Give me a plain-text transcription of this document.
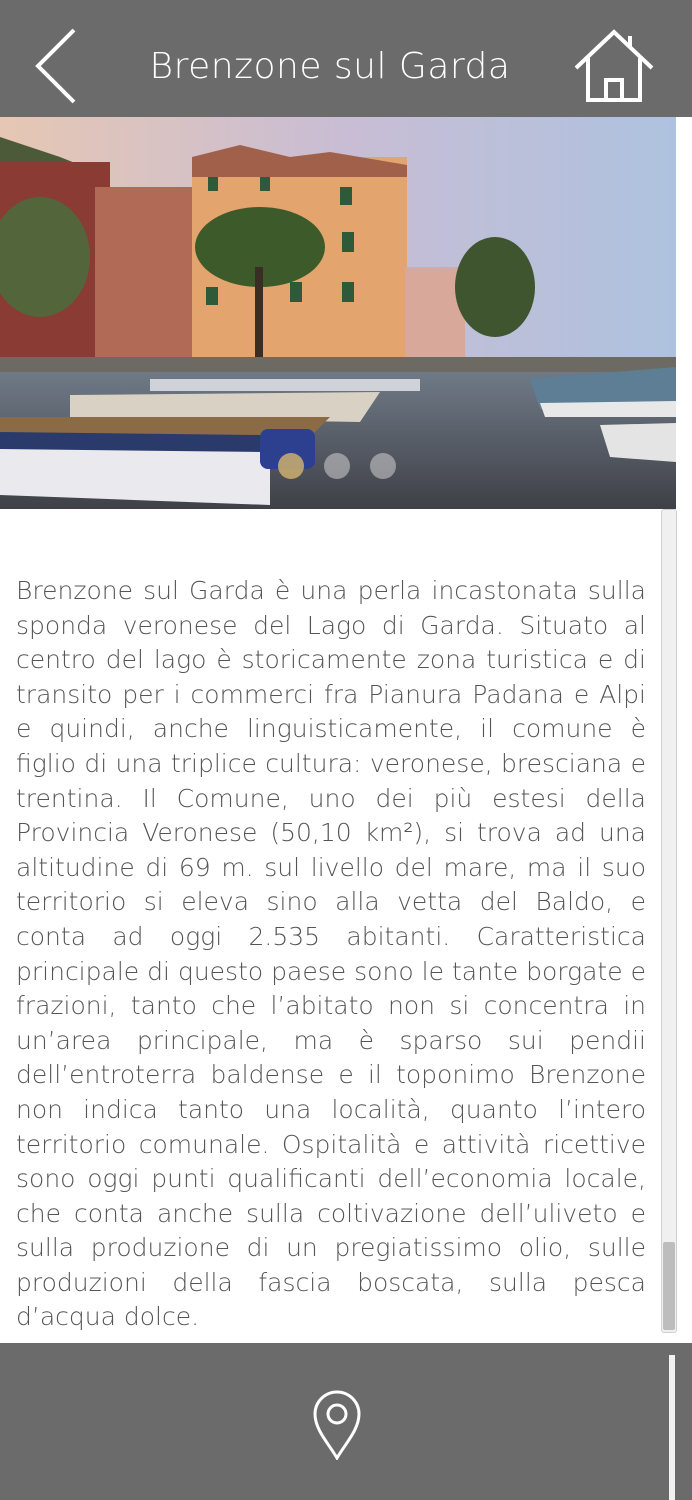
Brenzone sul Garda

Brenzone sul Garda è una perla incastonata sulla sponda veronese del Lago di Garda. Situato al centro del lago è storicamente zona turistica e di transito per i commerci fra Pianura Padana e Alpi e quindi, anche linguisticamente, il comune è figlio di una triplice cultura: veronese, bresciana e trentina. Il Comune, uno dei più estesi della Provincia Veronese (50,10 km²), si trova ad una altitudine di 69 m. sul livello del mare, ma il suo territorio si eleva sino alla vetta del Baldo, e conta ad oggi 2.535 abitanti. Caratteristica principale di questo paese sono le tante borgate e frazioni, tanto che l’abitato non si concentra in un’area principale, ma è sparso sui pendii dell’entroterra baldense e il toponimo Brenzone non indica tanto una località, quanto l’intero territorio comunale. Ospitalità e attività ricettive sono oggi punti qualificanti dell’economia locale, che conta anche sulla coltivazione dell’uliveto e sulla produzione di un pregiatissimo olio, sulle produzioni della fascia boscata, sulla pesca d’acqua dolce.
